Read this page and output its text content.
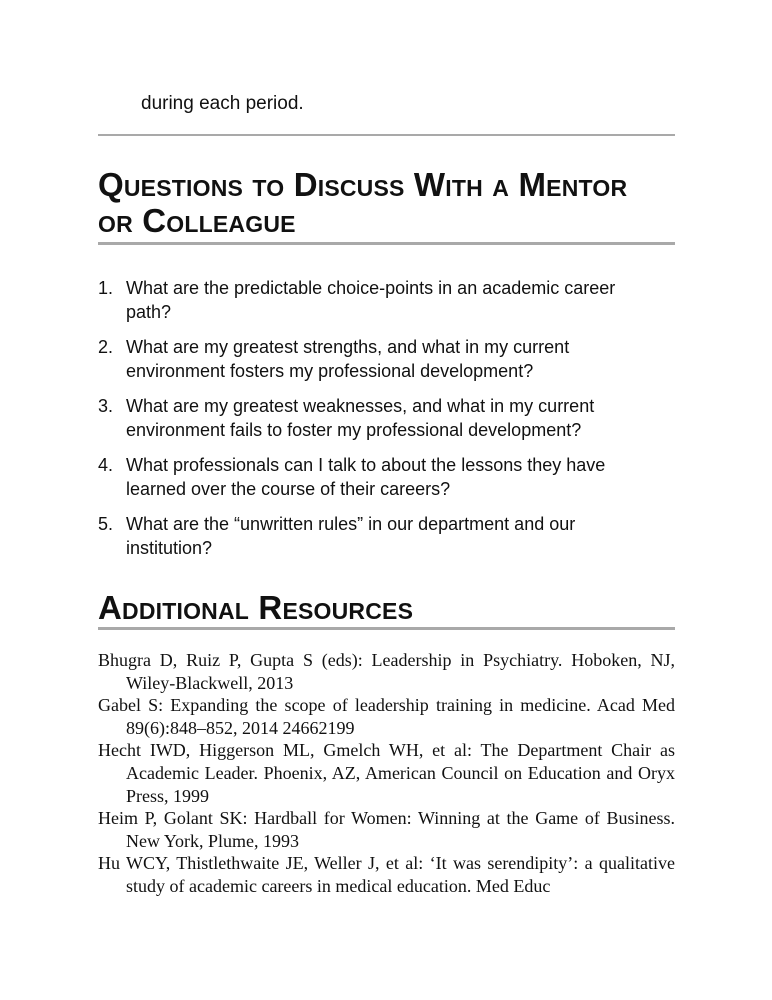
during each period.
Questions to Discuss With a Mentor
or Colleague
1. What are the predictable choice-points in an academic career path?
2. What are my greatest strengths, and what in my current environment fosters my professional development?
3. What are my greatest weaknesses, and what in my current environment fails to foster my professional development?
4. What professionals can I talk to about the lessons they have learned over the course of their careers?
5. What are the “unwritten rules” in our department and our institution?
Additional Resources

Bhugra D, Ruiz P, Gupta S (eds): Leadership in Psychiatry. Hoboken, NJ, Wiley-Blackwell, 2013

Gabel S: Expanding the scope of leadership training in medicine. Acad Med 89(6):848–852, 2014 24662199

Hecht IWD, Higgerson ML, Gmelch WH, et al: The Department Chair as Academic Leader. Phoenix, AZ, American Council on Education and Oryx Press, 1999

Heim P, Golant SK: Hardball for Women: Winning at the Game of Business. New York, Plume, 1993

Hu WCY, Thistlethwaite JE, Weller J, et al: ‘It was serendipity’: a qualitative study of academic careers in medical education. Med Educ
